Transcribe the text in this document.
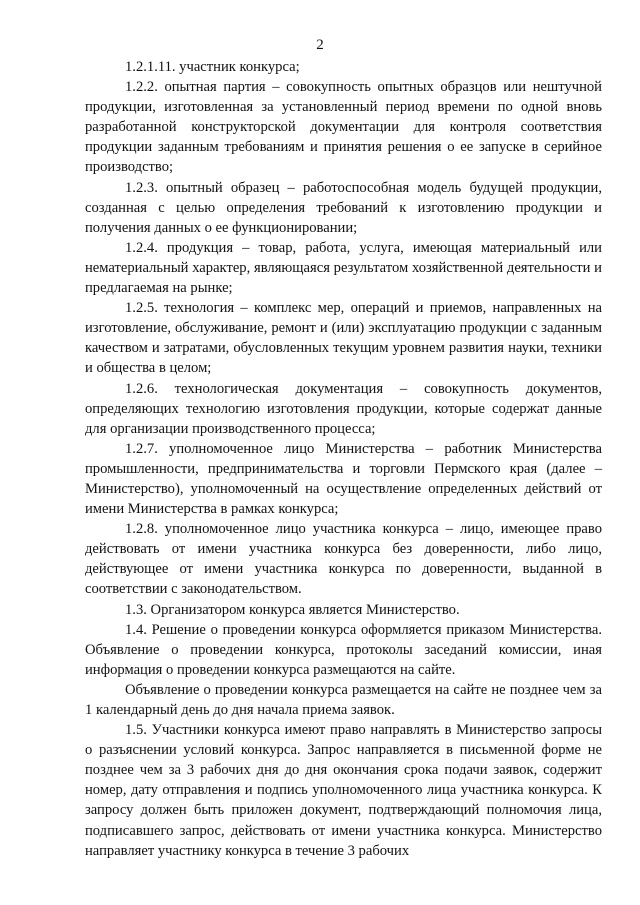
2

1.2.1.11. участник конкурса;

1.2.2. опытная партия – совокупность опытных образцов или нештучной продукции, изготовленная за установленный период времени по одной вновь разработанной конструкторской документации для контроля соответствия продукции заданным требованиям и принятия решения о ее запуске в серийное производство;

1.2.3. опытный образец – работоспособная модель будущей продукции, созданная с целью определения требований к изготовлению продукции и получения данных о ее функционировании;

1.2.4. продукция – товар, работа, услуга, имеющая материальный или нематериальный характер, являющаяся результатом хозяйственной деятельности и предлагаемая на рынке;

1.2.5. технология – комплекс мер, операций и приемов, направленных на изготовление, обслуживание, ремонт и (или) эксплуатацию продукции с заданным качеством и затратами, обусловленных текущим уровнем развития науки, техники и общества в целом;

1.2.6. технологическая документация – совокупность документов, определяющих технологию изготовления продукции, которые содержат данные для организации производственного процесса;

1.2.7. уполномоченное лицо Министерства – работник Министерства промышленности, предпринимательства и торговли Пермского края (далее – Министерство), уполномоченный на осуществление определенных действий от имени Министерства в рамках конкурса;

1.2.8. уполномоченное лицо участника конкурса – лицо, имеющее право действовать от имени участника конкурса без доверенности, либо лицо, действующее от имени участника конкурса по доверенности, выданной в соответствии с законодательством.

1.3. Организатором конкурса является Министерство.

1.4. Решение о проведении конкурса оформляется приказом Министерства. Объявление о проведении конкурса, протоколы заседаний комиссии, иная информация о проведении конкурса размещаются на сайте.

Объявление о проведении конкурса размещается на сайте не позднее чем за 1 календарный день до дня начала приема заявок.

1.5. Участники конкурса имеют право направлять в Министерство запросы о разъяснении условий конкурса. Запрос направляется в письменной форме не позднее чем за 3 рабочих дня до дня окончания срока подачи заявок, содержит номер, дату отправления и подпись уполномоченного лица участника конкурса. К запросу должен быть приложен документ, подтверждающий полномочия лица, подписавшего запрос, действовать от имени участника конкурса. Министерство направляет участнику конкурса в течение 3 рабочих
